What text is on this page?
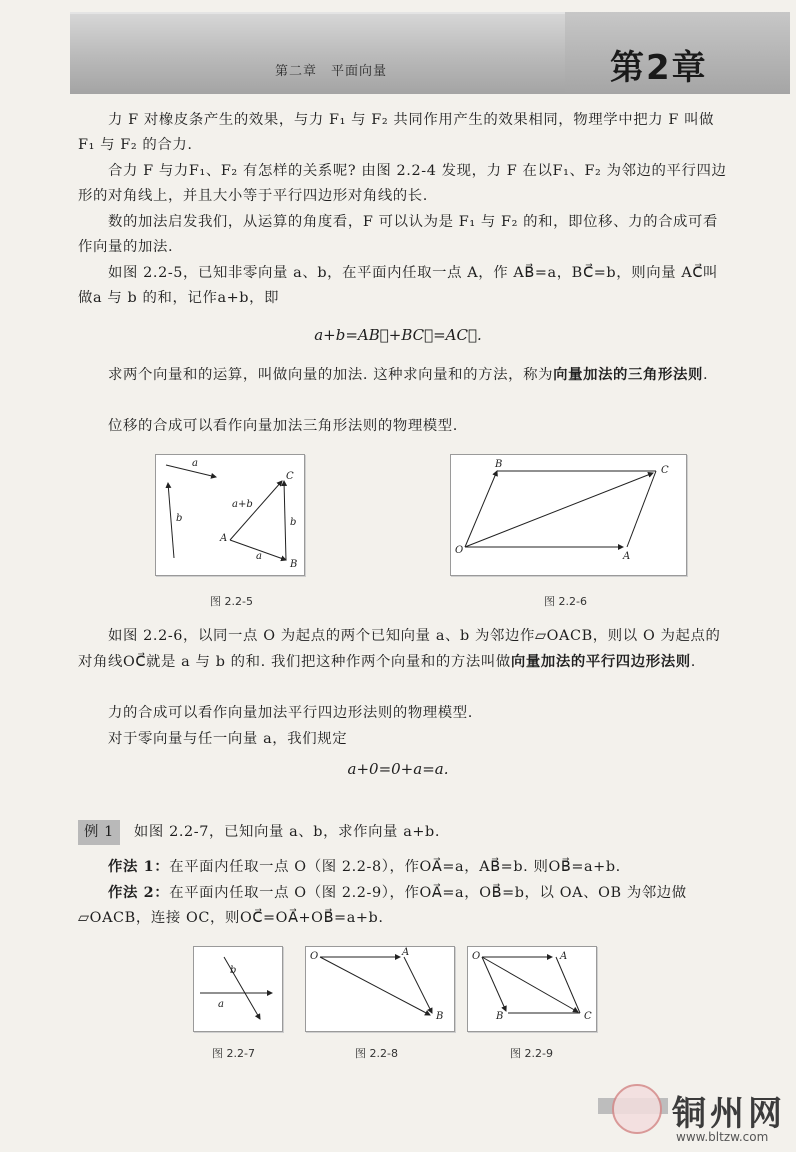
第二章　平面向量	第2章
力 F 对橡皮条产生的效果，与力 F₁ 与 F₂ 共同作用产生的效果相同，物理学中把力 F 叫做F₁ 与 F₂ 的合力.
合力 F 与力F₁、F₂ 有怎样的关系呢? 由图 2.2-4 发现，力 F 在以F₁、F₂ 为邻边的平行四边形的对角线上，并且大小等于平行四边形对角线的长.
数的加法启发我们，从运算的角度看，F 可以认为是 F₁ 与 F₂ 的和，即位移、力的合成可看作向量的加法.
如图 2.2-5，已知非零向量 a、b，在平面内任取一点 A，作 AB⃗=a，BC⃗=b，则向量 AC⃗叫做a 与 b 的和，记作a+b，即
a+b=AB⃗+BC⃗=AC⃗.
求两个向量和的运算，叫做向量的加法. 这种求向量和的方法，称为向量加法的三角形法则.
位移的合成可以看作向量加法三角形法则的物理模型.
a
b
a+b
A
B
C
a
b
图 2.2-5
O
A
B
C
图 2.2-6
如图 2.2-6，以同一点 O 为起点的两个已知向量 a、b 为邻边作▱OACB，则以 O 为起点的对角线OC⃗就是 a 与 b 的和. 我们把这种作两个向量和的方法叫做向量加法的平行四边形法则.
力的合成可以看作向量加法平行四边形法则的物理模型.
对于零向量与任一向量 a，我们规定
a+0=0+a=a.
例 1 如图 2.2-7，已知向量 a、b，求作向量 a+b.
作法 1：在平面内任取一点 O（图 2.2-8），作OA⃗=a，AB⃗=b. 则OB⃗=a+b.
作法 2：在平面内任取一点 O（图 2.2-9），作OA⃗=a，OB⃗=b，以 OA、OB 为邻边做▱OACB，连接 OC，则OC⃗=OA⃗+OB⃗=a+b.
a
b
图 2.2-7
O	A
B
图 2.2-8
O	A
B	C
图 2.2-9
铜州网
www.bltzw.com
